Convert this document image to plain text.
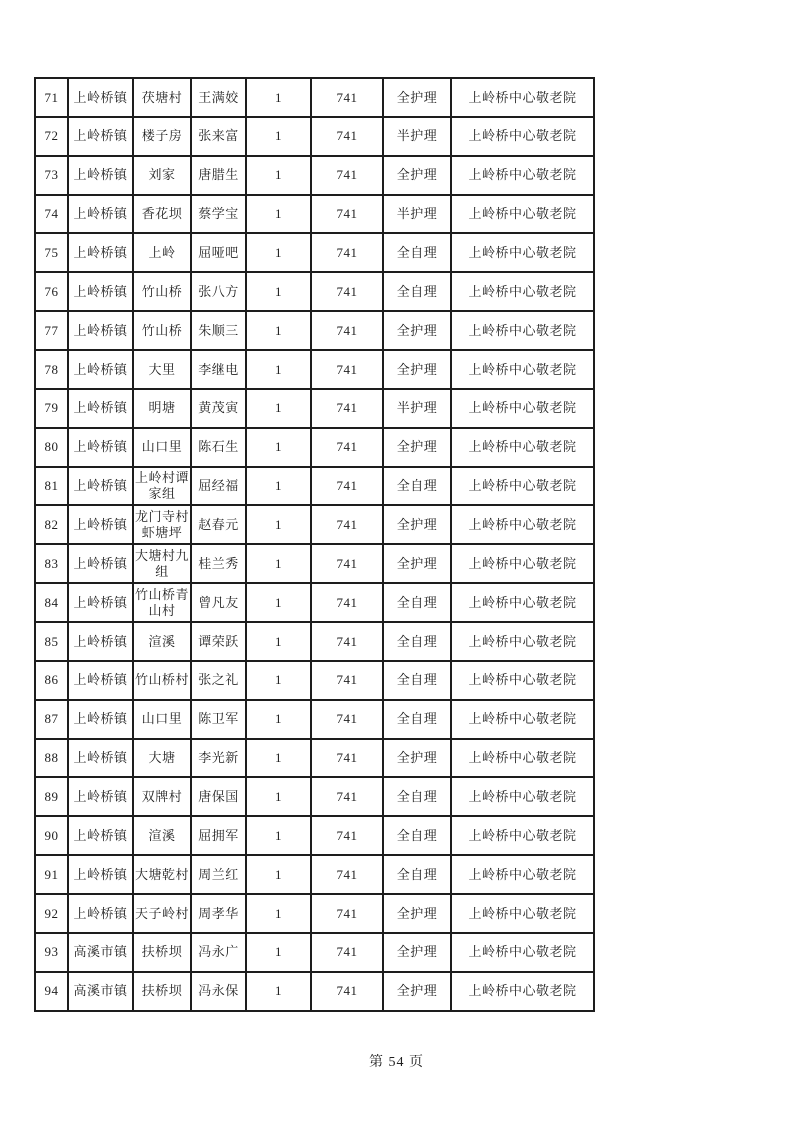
71	上岭桥镇	茯塘村	王满姣	1	741	全护理	上岭桥中心敬老院
72	上岭桥镇	楼子房	张来富	1	741	半护理	上岭桥中心敬老院
73	上岭桥镇	刘家	唐腊生	1	741	全护理	上岭桥中心敬老院
74	上岭桥镇	香花坝	蔡学宝	1	741	半护理	上岭桥中心敬老院
75	上岭桥镇	上岭	屈哑吧	1	741	全自理	上岭桥中心敬老院
76	上岭桥镇	竹山桥	张八方	1	741	全自理	上岭桥中心敬老院
77	上岭桥镇	竹山桥	朱顺三	1	741	全护理	上岭桥中心敬老院
78	上岭桥镇	大里	李继电	1	741	全护理	上岭桥中心敬老院
79	上岭桥镇	明塘	黄茂寅	1	741	半护理	上岭桥中心敬老院
80	上岭桥镇	山口里	陈石生	1	741	全护理	上岭桥中心敬老院
81	上岭桥镇	上岭村谭家组	屈经福	1	741	全自理	上岭桥中心敬老院
82	上岭桥镇	龙门寺村虾塘坪	赵春元	1	741	全护理	上岭桥中心敬老院
83	上岭桥镇	大塘村九组	桂兰秀	1	741	全护理	上岭桥中心敬老院
84	上岭桥镇	竹山桥青山村	曾凡友	1	741	全自理	上岭桥中心敬老院
85	上岭桥镇	渲溪	谭荣跃	1	741	全自理	上岭桥中心敬老院
86	上岭桥镇	竹山桥村	张之礼	1	741	全自理	上岭桥中心敬老院
87	上岭桥镇	山口里	陈卫军	1	741	全自理	上岭桥中心敬老院
88	上岭桥镇	大塘	李光新	1	741	全护理	上岭桥中心敬老院
89	上岭桥镇	双牌村	唐保国	1	741	全自理	上岭桥中心敬老院
90	上岭桥镇	渲溪	屈拥军	1	741	全自理	上岭桥中心敬老院
91	上岭桥镇	大塘乾村	周兰红	1	741	全自理	上岭桥中心敬老院
92	上岭桥镇	天子岭村	周孝华	1	741	全护理	上岭桥中心敬老院
93	高溪市镇	扶桥坝	冯永广	1	741	全护理	上岭桥中心敬老院
94	高溪市镇	扶桥坝	冯永保	1	741	全护理	上岭桥中心敬老院
第 54 页
